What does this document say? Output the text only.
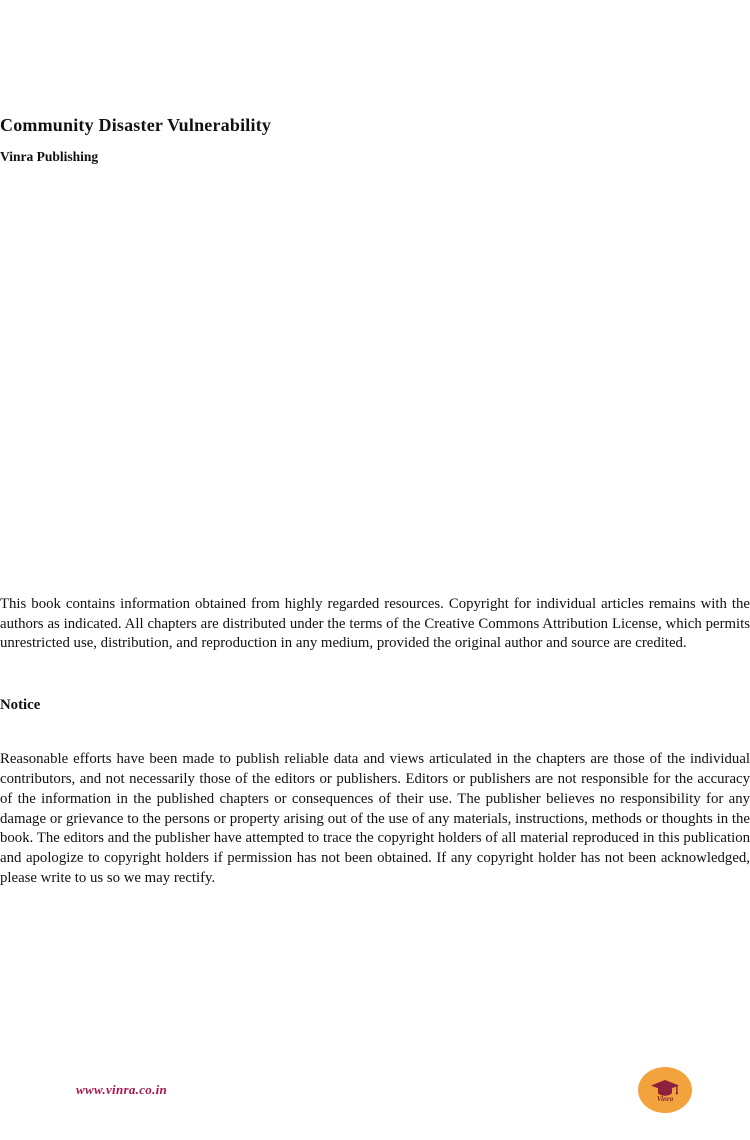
Community Disaster Vulnerability
Vinra Publishing

This book contains information obtained from highly regarded resources. Copyright for individual articles remains with the authors as indicated. All chapters are distributed under the terms of the Creative Commons Attribution License, which permits unrestricted use, distribution, and reproduction in any medium, provided the original author and source are credited.

Notice

Reasonable efforts have been made to publish reliable data and views articulated in the chapters are those of the individual contributors, and not necessarily those of the editors or publishers. Editors or publishers are not responsible for the accuracy of the information in the published chapters or consequences of their use. The publisher believes no responsibility for any damage or grievance to the persons or property arising out of the use of any materials, instructions, methods or thoughts in the book. The editors and the publisher have attempted to trace the copyright holders of all material reproduced in this publication and apologize to copyright holders if permission has not been obtained. If any copyright holder has not been acknowledged, please write to us so we may rectify.

www.vinra.co.in
Vinra
